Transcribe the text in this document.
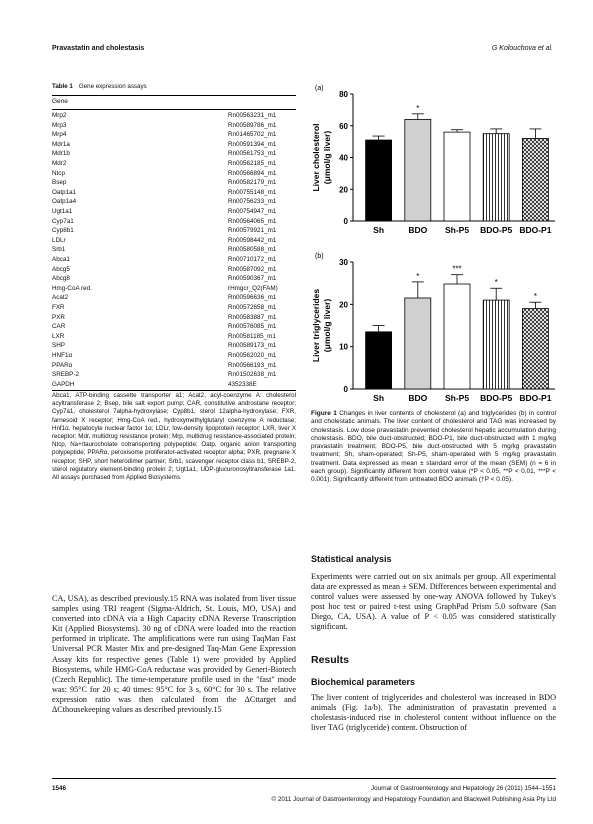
Pravastatin and cholestasis	G Kolouchova et al.
Table 1 Gene expression assays
Gene
Mrp2	Rn00563231_m1
Mrp3	Rn00589786_m1
Mrp4	Rn01465702_m1
Mdr1a	Rn00591394_m1
Mdr1b	Rn00561753_m1
Mdr2	Rn00562185_m1
Ntcp	Rn00566894_m1
Bsep	Rn00582179_m1
Oatp1a1	Rn00755148_m1
Oatp1a4	Rn00756233_m1
Ugt1a1	Rn00754947_m1
Cyp7a1	Rn00564065_m1
Cyp8b1	Rn00579921_m1
LDLr	Rn00598442_m1
Srb1	Rn00580588_m1
Abca1	Rn00710172_m1
Abcg5	Rn00587092_m1
Abcg8	Rn00590367_m1
Hmg-CoA red.	rHmgcr_Q2(FAM)
Acat2	Rn00596636_m1
FXR	Rn00572658_m1
PXR	Rn00583887_m1
CAR	Rn00576085_m1
LXR	Rn00581185_m1
SHP	Rn00589173_m1
HNF1α	Rn00562020_m1
PPARα	Rn00566193_m1
SREBP-2	Rn01502638_m1
GAPDH	4352338E
Abca1, ATP-binding cassette transporter a1; Acat2, acyl-coenzyme A: cholesterol acyltransferase 2; Bsep, bile salt export pump; CAR, constitutive androstane receptor; Cyp7a1, cholesterol 7alpha-hydroxylase; Cyp8b1, sterol 12alpha-hydroxylase; FXR, farnesoid X receptor; Hmg-CoA red., hydroxymethylglutaryl coenzyme A reductase; Hnf1α, hepatocyte nuclear factor 1α; LDLr, low-density lipoprotein receptor; LXR, liver X receptor; Mdr, multidrug resistance protein; Mrp, multidrug resistance-associated protein; Ntcp, Na+/taurocholate cotransporting polypeptide; Oatp, organic anion transporting polypeptide; PPARα, peroxisome proliferator-activated receptor alpha; PXR, pregnane X receptor; SHP, short heterodimer partner; Srb1, scavenger receptor class b1; SREBP-2, sterol regulatory element-binding protein 2; Ugt1a1, UDP-glucuronosyltransferase 1a1. All assays purchased from Applied Biosystems.
CA, USA), as described previously.15 RNA was isolated from liver tissue samples using TRI reagent (Sigma-Aldrich, St. Louis, MO, USA) and converted into cDNA via a High Capacity cDNA Reverse Transcription Kit (Applied Biosystems). 30 ng of cDNA were loaded into the reaction performed in triplicate. The amplifications were run using TaqMan Fast Universal PCR Master Mix and pre-designed Taq-Man Gene Expression Assay kits for respective genes (Table 1) were provided by Applied Biosystems, while HMG-CoA reductase was provided by Generi-Biotech (Czech Republic). The time-temperature profile used in the "fast" mode was: 95°C for 20 s; 40 times: 95°C for 3 s, 60°C for 30 s. The relative expression ratio was then calculated from the ΔCttarget and ΔCthousekeeping values as described previously.15
(a)
0
20
40
60
80
Liver cholesterol (μmol/g liver)
Sh
*
BDO Sh-P5 BDO-P5 BDO-P1
(b)
0
10
20
30
Liver triglycerides (μmol/g liver)
Sh
*
BDO
***
Sh-P5
*
BDO-P5
*
BDO-P1
Figure 1 Changes in liver contents of cholesterol (a) and triglycerides (b) in control and cholestatic animals. The liver content of cholesterol and TAG was increased by cholestasis. Low dose pravastatin prevented cholesterol hepatic accumulation during cholestasis. BDO, bile duct-obstructed; BDO-P1, bile duct-obstructed with 1 mg/kg pravastatin treatment; BDO-P5, bile duct-obstructed with 5 mg/kg pravastatin treatment; Sh, sham-operated; Sh-P5, sham-operated with 5 mg/kg pravastatin treatment. Data expressed as mean ± standard error of the mean (SEM) (n = 6 in each group). Significantly different from control value (*P < 0.05, **P < 0.01, ***P < 0.001). Significantly different from untreated BDO animals (†P < 0.05).
Statistical analysis
Experiments were carried out on six animals per group. All experimental data are expressed as mean ± SEM. Differences between experimental and control values were assessed by one-way ANOVA followed by Tukey's post hoc test or paired t-test using GraphPad Prism 5.0 software (San Diego, CA, USA). A value of P < 0.05 was considered statistically significant.
Results
Biochemical parameters
The liver content of triglycerides and cholesterol was increased in BDO animals (Fig. 1a/b). The administration of pravastatin prevented a cholestasis-induced rise in cholesterol content without influence on the liver TAG (triglyceride) content. Obstruction of
1546	Journal of Gastroenterology and Hepatology 26 (2011) 1544–1551
© 2011 Journal of Gastroenterology and Hepatology Foundation and Blackwell Publishing Asia Pty Ltd
